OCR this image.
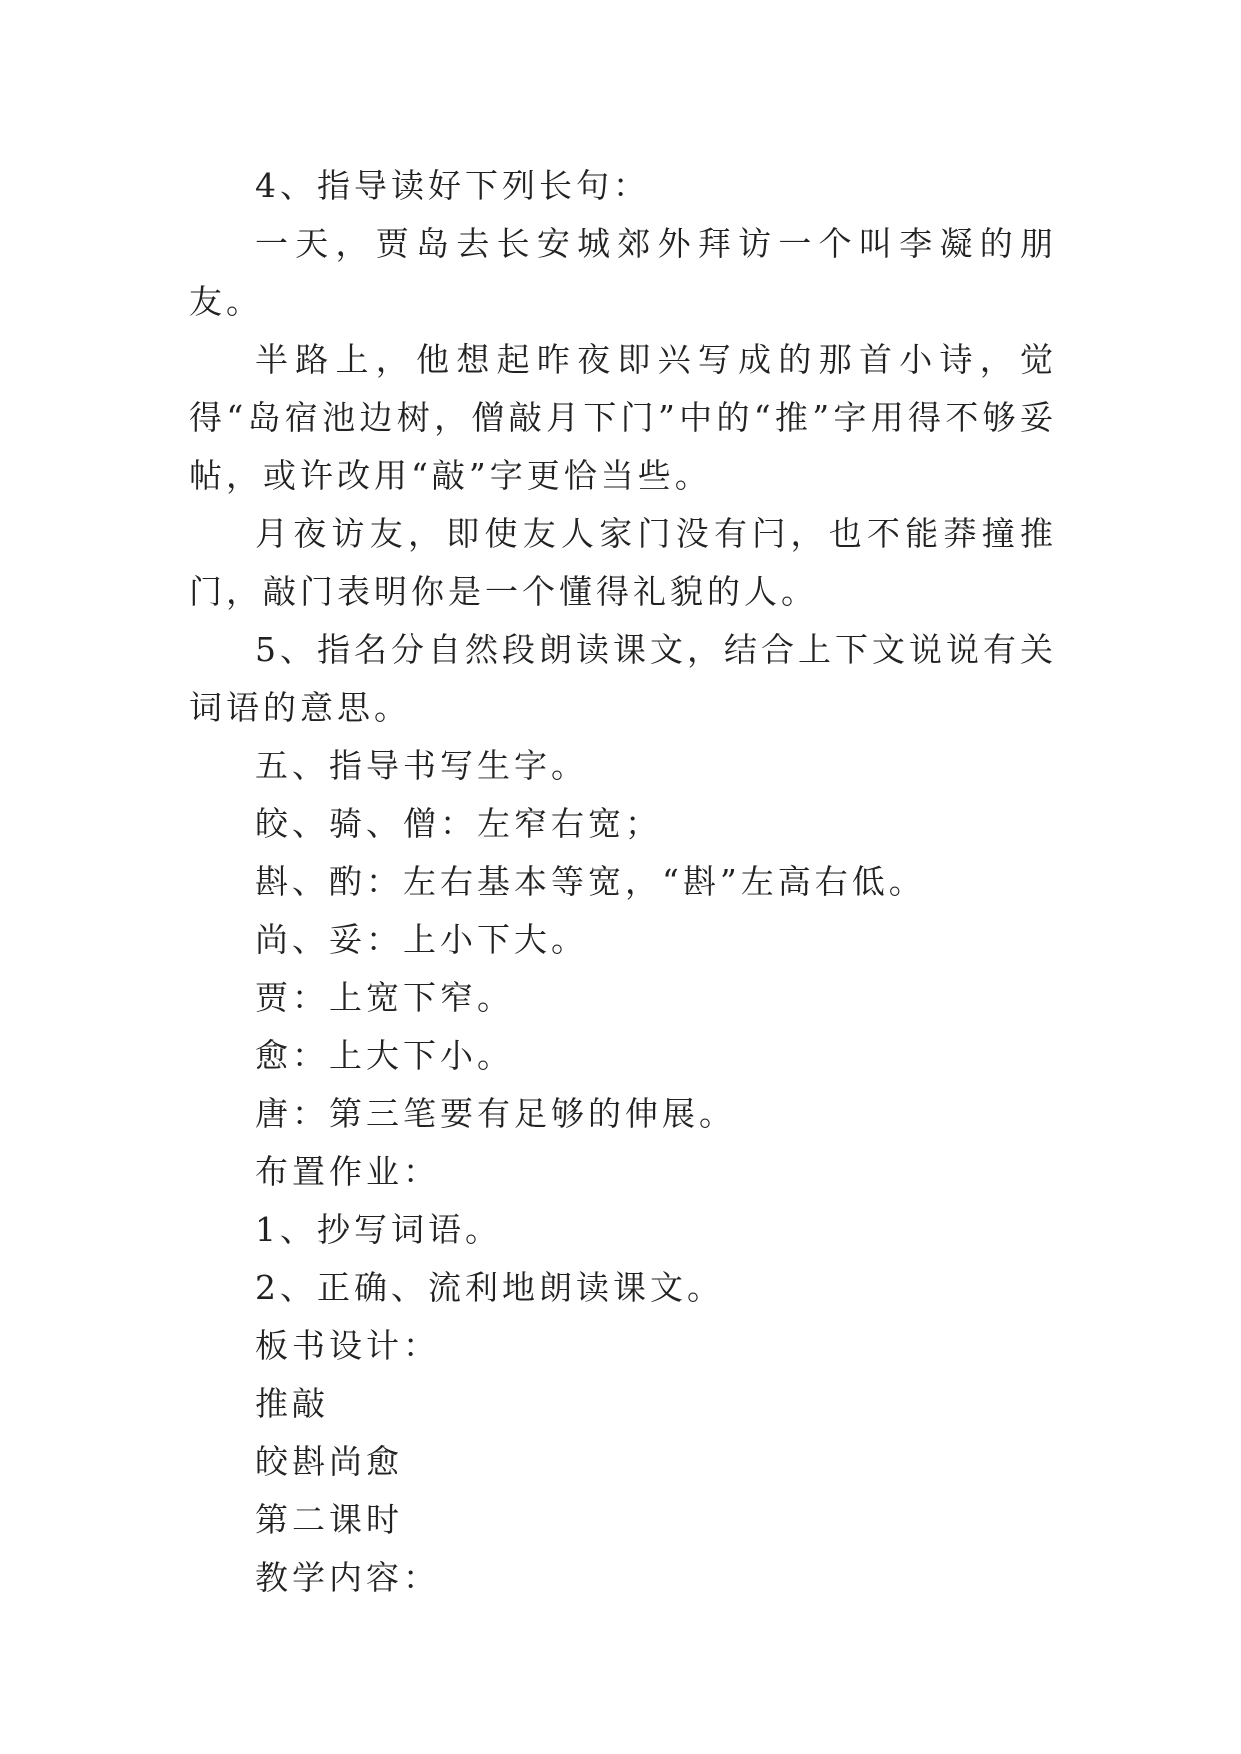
4、指导读好下列长句：

一天，贾岛去长安城郊外拜访一个叫李凝的朋友。

半路上，他想起昨夜即兴写成的那首小诗，觉得“岛宿池边树，僧敲月下门”中的“推”字用得不够妥帖，或许改用“敲”字更恰当些。

月夜访友，即使友人家门没有闩，也不能莽撞推门，敲门表明你是一个懂得礼貌的人。

5、指名分自然段朗读课文，结合上下文说说有关词语的意思。

五、指导书写生字。

皎、骑、僧：左窄右宽；

斟、酌：左右基本等宽，“斟”左高右低。

尚、妥：上小下大。

贾：上宽下窄。

愈：上大下小。

唐：第三笔要有足够的伸展。

布置作业：

1、抄写词语。

2、正确、流利地朗读课文。

板书设计：

推敲

皎斟尚愈

第二课时

教学内容：
